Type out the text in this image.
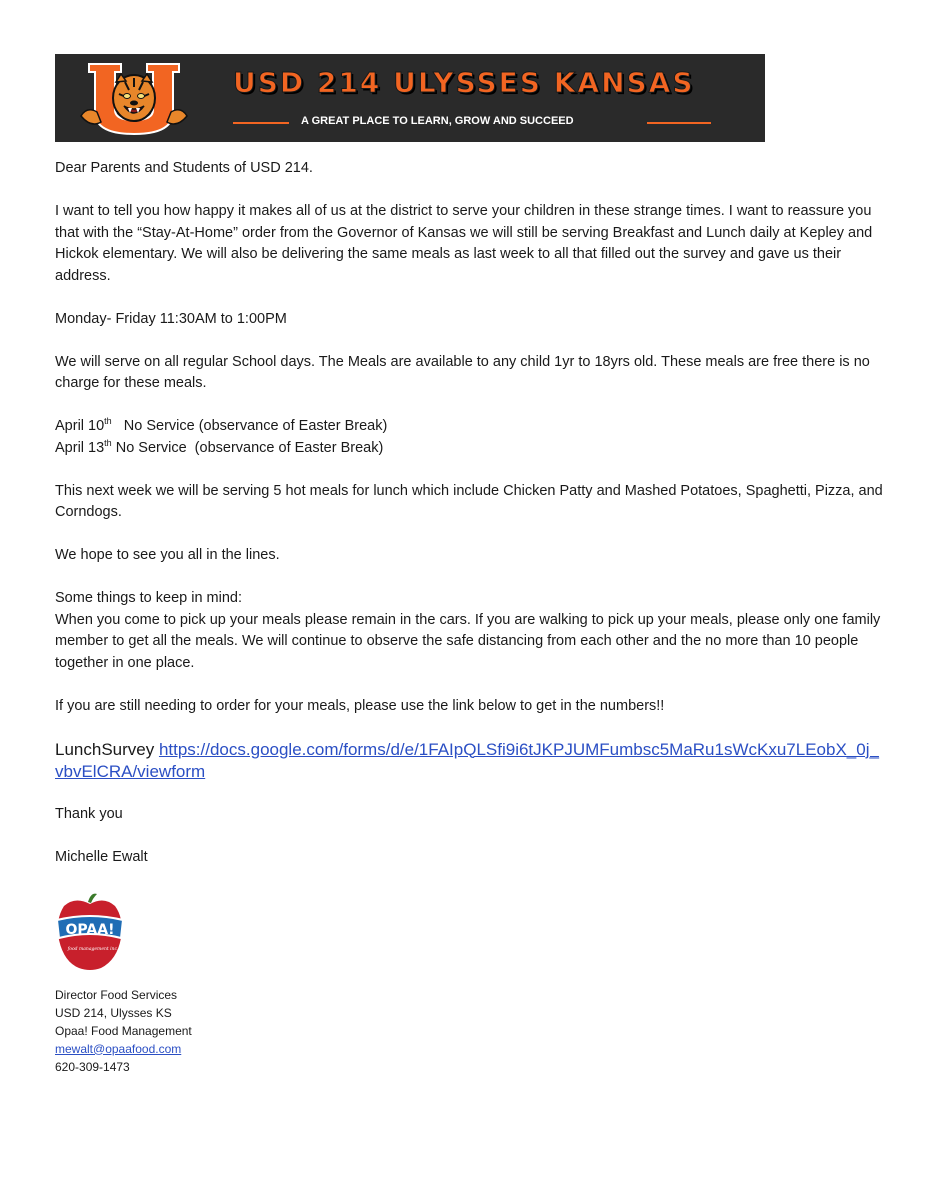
USD 214 ULYSSES KANSAS
A GREAT PLACE TO LEARN, GROW AND SUCCEED

Dear Parents and Students of USD 214.

I want to tell you how happy it makes all of us at the district to serve your children in these strange times. I want to reassure you that with the “Stay-At-Home” order from the Governor of Kansas we will still be serving Breakfast and Lunch daily at Kepley and Hickok elementary. We will also be delivering the same meals as last week to all that filled out the survey and gave us their address.

Monday- Friday 11:30AM to 1:00PM

We will serve on all regular School days. The Meals are available to any child 1yr to 18yrs old. These meals are free there is no charge for these meals.

April 10th   No Service (observance of Easter Break)

April 13th No Service  (observance of Easter Break)

This next week we will be serving 5 hot meals for lunch which include Chicken Patty and Mashed Potatoes, Spaghetti, Pizza, and Corndogs.

We hope to see you all in the lines.

Some things to keep in mind:

When you come to pick up your meals please remain in the cars. If you are walking to pick up your meals, please only one family member to get all the meals. We will continue to observe the safe distancing from each other and the no more than 10 people together in one place.

If you are still needing to order for your meals, please use the link below to get in the numbers!!

LunchSurvey https://docs.google.com/forms/d/e/1FAIpQLSfi9i6tJKPJUMFumbsc5MaRu1sWcKxu7LEobX_0j_vbvElCRA/viewform

Thank you

Michelle Ewalt

OPAA!
food management inc.
Director Food Services
USD 214, Ulysses KS
Opaa! Food Management
mewalt@opaafood.com
620-309-1473
